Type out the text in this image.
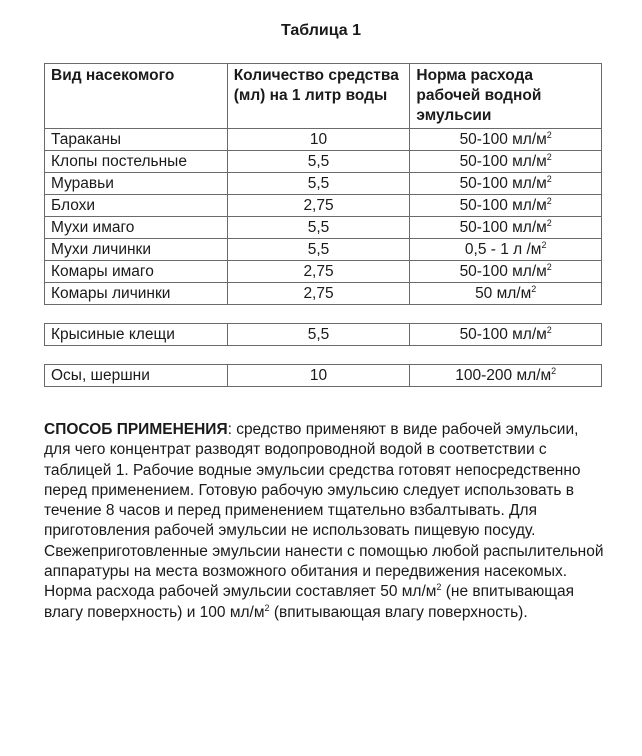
Таблица 1
Вид насекомого	Количество средства (мл) на 1 литр воды	Норма расхода рабочей водной эмульсии
Тараканы	10	50-100 $мл/м^2$
Клопы постельные	5,5	50-100 $мл/м^2$
Муравьи	5,5	50-100 $мл/м^2$
Блохи	2,75	50-100 $мл/м^2$
Мухи имаго	5,5	50-100 $мл/м^2$
Мухи личинки	5,5	0,5 - 1 л $/м^2$
Комары имаго	2,75	50-100 $мл/м^2$
Комары личинки	2,75	50 $мл/м^2$

Крысиные клещи	5,5	50-100 $мл/м^2$

Осы, шершни	10	100-200 $мл/м^2$
СПОСОБ ПРИМЕНЕНИЯ: средство применяют в виде рабочей эмульсии, для чего концентрат разводят водопроводной водой в соответствии с таблицей 1. Рабочие водные эмульсии средства готовят непосредственно перед применением. Готовую рабочую эмульсию следует использовать в течение 8 часов и перед применением тщательно взбалтывать. Для приготовления рабочей эмульсии не использовать пищевую посуду. Свежеприготовленные эмульсии нанести с помощью любой распылительной аппаратуры на места возможного обитания и передвижения насекомых. Норма расхода рабочей эмульсии составляет 50 $мл/м^2$ (не впитывающая влагу поверхность) и 100 $мл/м^2$ (впитывающая влагу поверхность).
